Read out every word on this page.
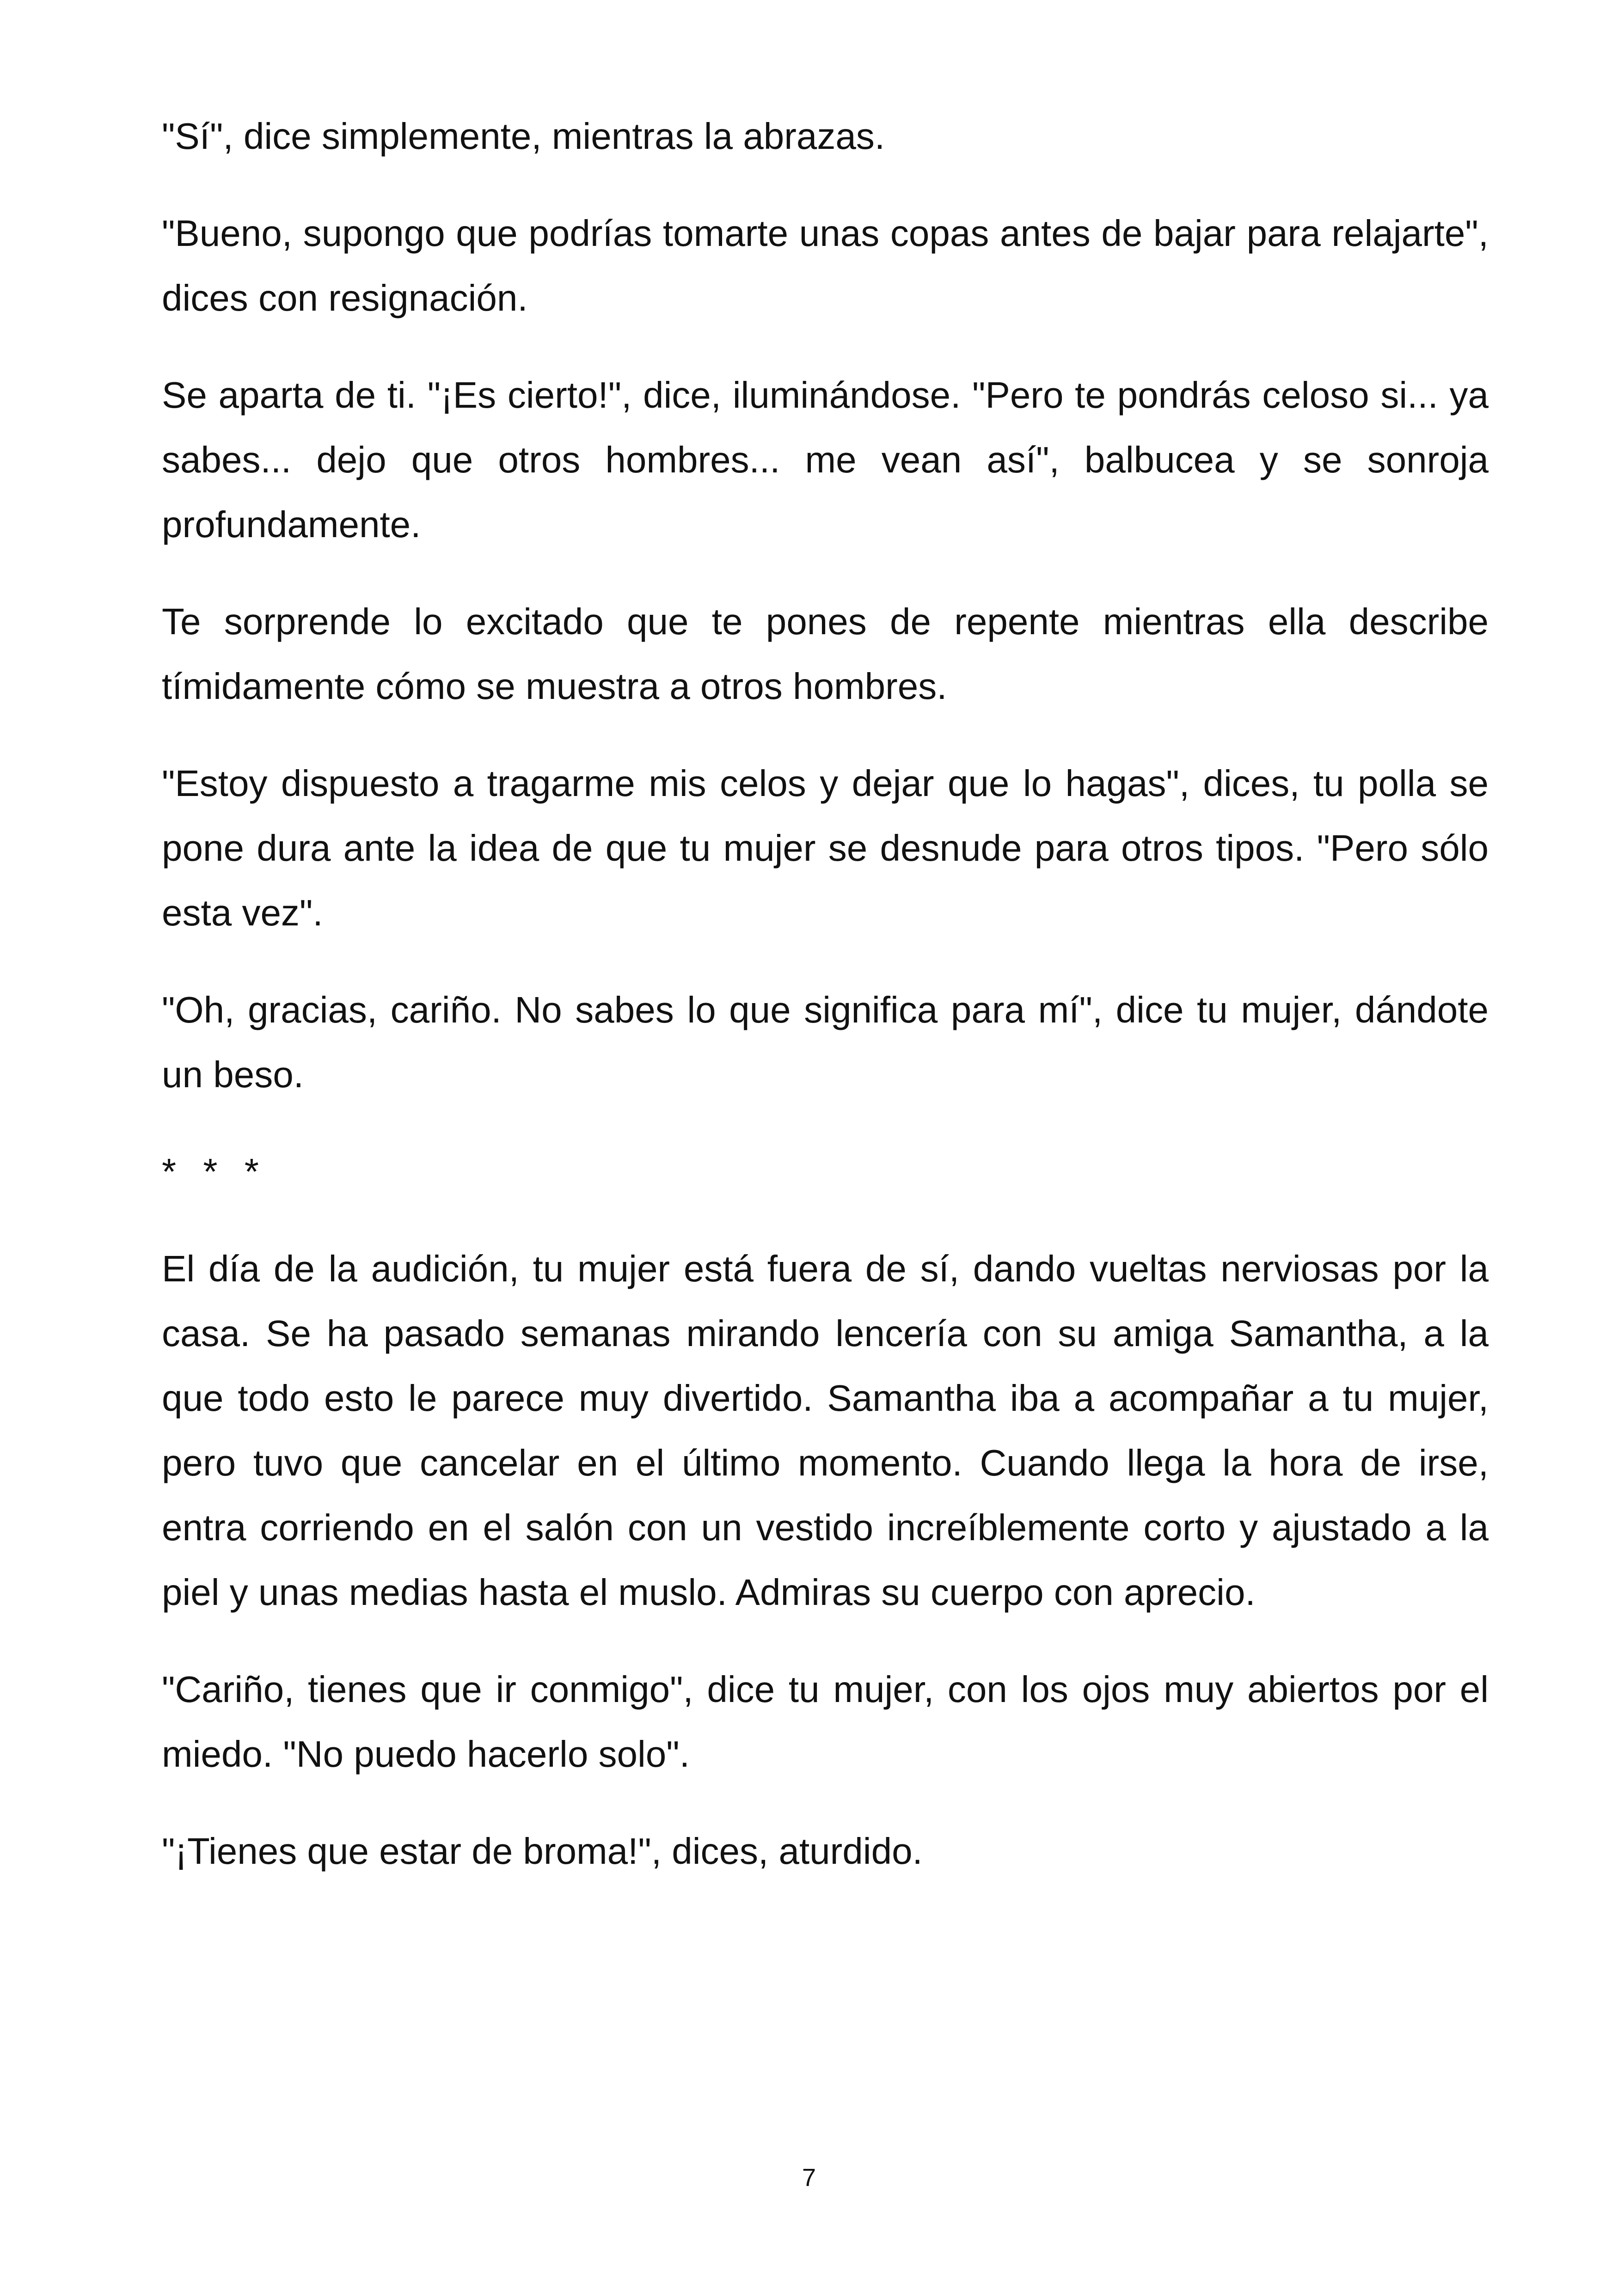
"Sí", dice simplemente, mientras la abrazas.

"Bueno, supongo que podrías tomarte unas copas antes de bajar para relajarte", dices con resignación.

Se aparta de ti. "¡Es cierto!", dice, iluminándose. "Pero te pondrás celoso si... ya sabes... dejo que otros hombres... me vean así", balbucea y se sonroja profundamente.

Te sorprende lo excitado que te pones de repente mientras ella describe tímidamente cómo se muestra a otros hombres.

"Estoy dispuesto a tragarme mis celos y dejar que lo hagas", dices, tu polla se pone dura ante la idea de que tu mujer se desnude para otros tipos. "Pero sólo esta vez".

"Oh, gracias, cariño. No sabes lo que significa para mí", dice tu mujer, dándote un beso.

* * *

El día de la audición, tu mujer está fuera de sí, dando vueltas nerviosas por la casa. Se ha pasado semanas mirando lencería con su amiga Samantha, a la que todo esto le parece muy divertido. Samantha iba a acompañar a tu mujer, pero tuvo que cancelar en el último momento. Cuando llega la hora de irse, entra corriendo en el salón con un vestido increíblemente corto y ajustado a la piel y unas medias hasta el muslo. Admiras su cuerpo con aprecio.

"Cariño, tienes que ir conmigo", dice tu mujer, con los ojos muy abiertos por el miedo. "No puedo hacerlo solo".

"¡Tienes que estar de broma!", dices, aturdido.

7
